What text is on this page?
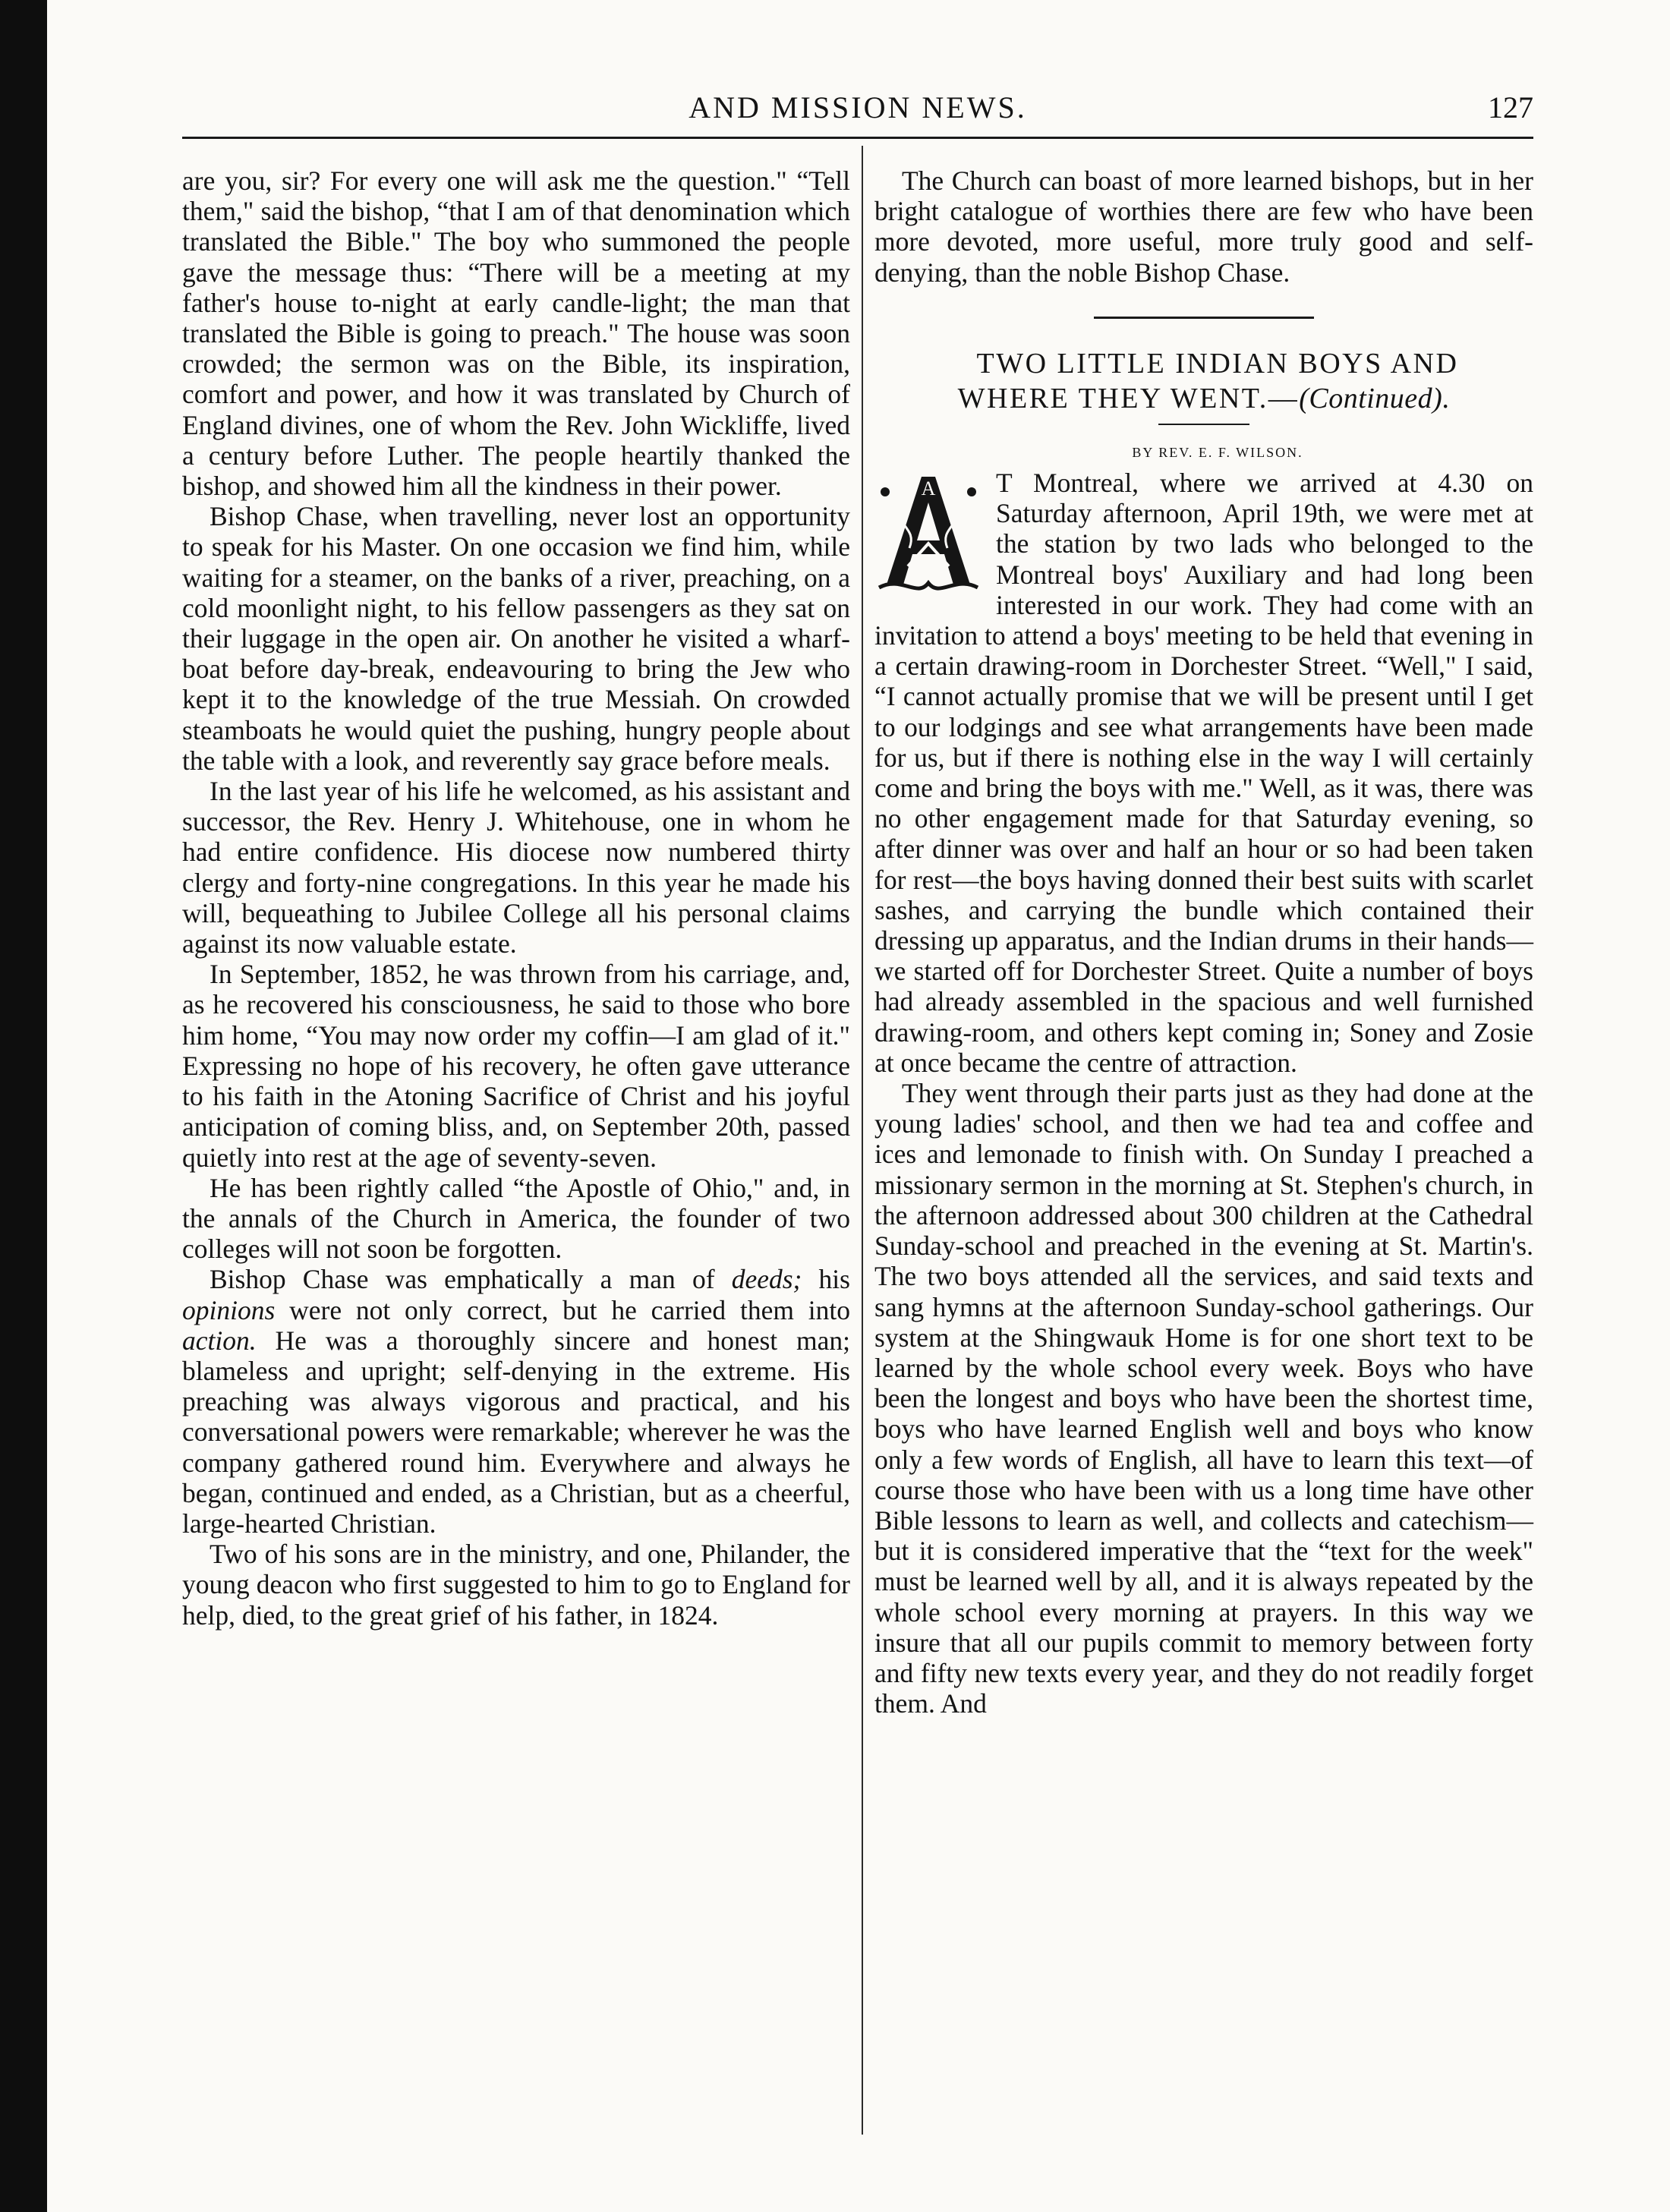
AND MISSION NEWS.	127

are you, sir? For every one will ask me the question." “Tell them," said the bishop, “that I am of that denomination which translated the Bible." The boy who summoned the people gave the message thus: “There will be a meeting at my father's house to-night at early candle-light; the man that translated the Bible is going to preach." The house was soon crowded; the sermon was on the Bible, its inspiration, comfort and power, and how it was translated by Church of England divines, one of whom the Rev. John Wickliffe, lived a century before Luther. The people heartily thanked the bishop, and showed him all the kindness in their power.

Bishop Chase, when travelling, never lost an opportunity to speak for his Master. On one occasion we find him, while waiting for a steamer, on the banks of a river, preaching, on a cold moonlight night, to his fellow passengers as they sat on their luggage in the open air. On another he visited a wharf-boat before day-break, endeavouring to bring the Jew who kept it to the knowledge of the true Messiah. On crowded steamboats he would quiet the pushing, hungry people about the table with a look, and reverently say grace before meals.

In the last year of his life he welcomed, as his assistant and successor, the Rev. Henry J. Whitehouse, one in whom he had entire confidence. His diocese now numbered thirty clergy and forty-nine congregations. In this year he made his will, bequeathing to Jubilee College all his personal claims against its now valuable estate.

In September, 1852, he was thrown from his carriage, and, as he recovered his consciousness, he said to those who bore him home, “You may now order my coffin—I am glad of it." Expressing no hope of his recovery, he often gave utterance to his faith in the Atoning Sacrifice of Christ and his joyful anticipation of coming bliss, and, on September 20th, passed quietly into rest at the age of seventy-seven.

He has been rightly called “the Apostle of Ohio," and, in the annals of the Church in America, the founder of two colleges will not soon be forgotten.

Bishop Chase was emphatically a man of deeds; his opinions were not only correct, but he carried them into action. He was a thoroughly sincere and honest man; blameless and upright; self-denying in the extreme. His preaching was always vigorous and practical, and his conversational powers were remarkable; wherever he was the company gathered round him. Everywhere and always he began, continued and ended, as a Christian, but as a cheerful, large-hearted Christian.

Two of his sons are in the ministry, and one, Philander, the young deacon who first suggested to him to go to England for help, died, to the great grief of his father, in 1824.

The Church can boast of more learned bishops, but in her bright catalogue of worthies there are few who have been more devoted, more useful, more truly good and self-denying, than the noble Bishop Chase.

TWO LITTLE INDIAN BOYS AND
WHERE THEY WENT.—(Continued).

BY REV. E. F. WILSON.

A T Montreal, where we arrived at 4.30 on Saturday afternoon, April 19th, we were met at the station by two lads who belonged to the Montreal boys' Auxiliary and had long been interested in our work. They had come with an invitation to attend a boys' meeting to be held that evening in a certain drawing-room in Dorchester Street. “Well," I said, “I cannot actually promise that we will be present until I get to our lodgings and see what arrangements have been made for us, but if there is nothing else in the way I will certainly come and bring the boys with me." Well, as it was, there was no other engagement made for that Saturday evening, so after dinner was over and half an hour or so had been taken for rest—the boys having donned their best suits with scarlet sashes, and carrying the bundle which contained their dressing up apparatus, and the Indian drums in their hands—we started off for Dorchester Street. Quite a number of boys had already assembled in the spacious and well furnished drawing-room, and others kept coming in; Soney and Zosie at once became the centre of attraction.

They went through their parts just as they had done at the young ladies' school, and then we had tea and coffee and ices and lemonade to finish with. On Sunday I preached a missionary sermon in the morning at St. Stephen's church, in the afternoon addressed about 300 children at the Cathedral Sunday-school and preached in the evening at St. Martin's. The two boys attended all the services, and said texts and sang hymns at the afternoon Sunday-school gatherings. Our system at the Shingwauk Home is for one short text to be learned by the whole school every week. Boys who have been the longest and boys who have been the shortest time, boys who have learned English well and boys who know only a few words of English, all have to learn this text—of course those who have been with us a long time have other Bible lessons to learn as well, and collects and catechism—but it is considered imperative that the “text for the week" must be learned well by all, and it is always repeated by the whole school every morning at prayers. In this way we insure that all our pupils commit to memory between forty and fifty new texts every year, and they do not readily forget them. And
